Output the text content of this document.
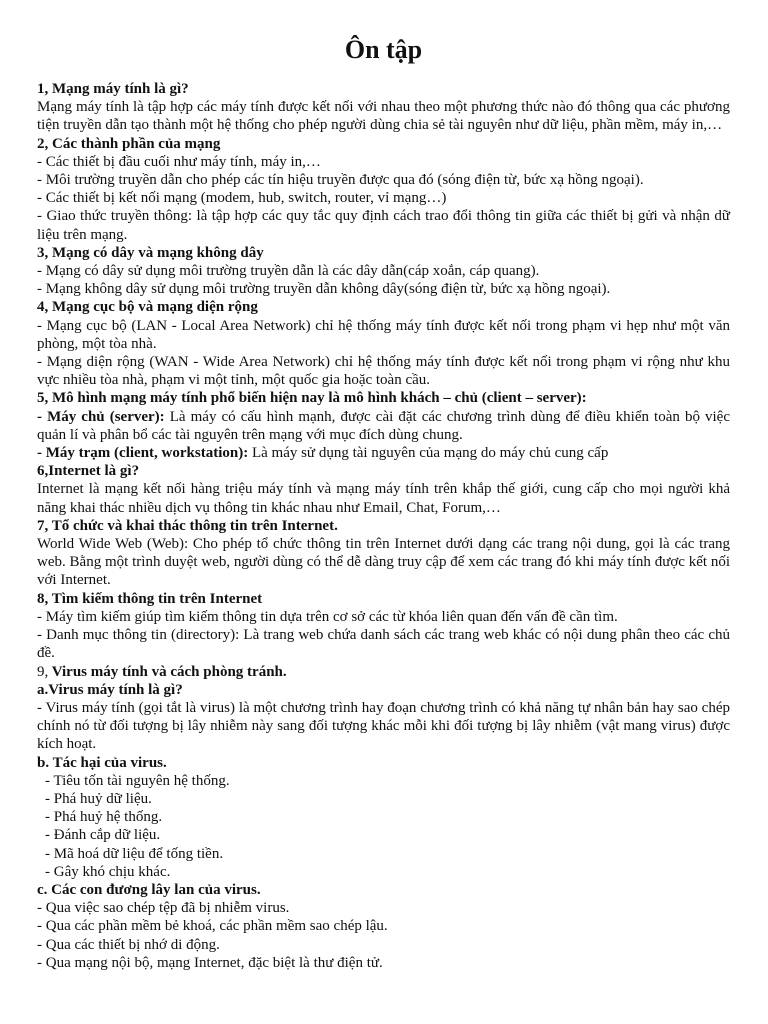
Ôn tập

1, Mạng máy tính là gì?

Mạng máy tính là tập hợp các máy tính được kết nối với nhau theo một phương thức nào đó thông qua các phương tiện truyền dẫn tạo thành một hệ thống cho phép người dùng chia sẻ tài nguyên như dữ liệu, phần mềm, máy in,…

2, Các thành phần của mạng

- Các thiết bị đầu cuối như máy tính, máy in,…

- Môi trường truyền dẫn cho phép các tín hiệu truyền được qua đó (sóng điện từ, bức xạ hồng ngoại).

- Các thiết bị kết nối mạng (modem, hub, switch, router, vỉ mạng…)

- Giao thức truyền thông: là tập hợp các quy tắc quy định cách trao đổi thông tin giữa các thiết bị gửi và nhận dữ liệu trên mạng.

3, Mạng có dây và mạng không dây

- Mạng có dây sử dụng môi trường truyền dẫn là các dây dẫn(cáp xoắn, cáp quang).

- Mạng không dây sử dụng môi trường truyền dẫn không dây(sóng điện từ, bức xạ hồng ngoại).

4, Mạng cục bộ và mạng diện rộng

- Mạng cục bộ (LAN - Local Area Network) chỉ hệ thống máy tính được kết nối trong phạm vi hẹp như một văn phòng, một tòa nhà.

- Mạng diện rộng (WAN - Wide Area Network) chỉ hệ thống máy tính được kết nối trong phạm vi rộng như khu vực nhiều tòa nhà, phạm vi một tỉnh, một quốc gia hoặc toàn cầu.

5, Mô hình mạng máy tính phổ biến hiện nay là mô hình khách – chủ (client – server):

- Máy chủ (server): Là máy có cấu hình mạnh, được cài đặt các chương trình dùng để điều khiển toàn bộ việc quản lí và phân bổ các tài nguyên trên mạng với mục đích dùng chung.

- Máy trạm (client, workstation): Là máy sử dụng tài nguyên của mạng do máy chủ cung cấp

6,Internet là gì?

Internet là mạng kết nối hàng triệu máy tính và mạng máy tính trên khắp thế giới, cung cấp cho mọi người khả năng khai thác nhiều dịch vụ thông tin khác nhau như Email, Chat, Forum,…

7, Tổ chức và khai thác thông tin trên Internet.

World Wide Web (Web): Cho phép tổ chức thông tin trên Internet dưới dạng các trang nội dung, gọi là các trang web. Bằng một trình duyệt web, người dùng có thể dễ dàng truy cập để xem các trang đó khi máy tính được kết nối với Internet.

8, Tìm kiếm thông tin trên Internet

- Máy tìm kiếm giúp tìm kiếm thông tin dựa trên cơ sở các từ khóa liên quan đến vấn đề cần tìm.

- Danh mục thông tin (directory): Là trang web chứa danh sách các trang web khác có nội dung phân theo các chủ đề.

9, Virus máy tính và cách phòng tránh.

a.Virus máy tính là gì?

- Virus máy tính (gọi tắt là virus) là một chương trình hay đoạn chương trình có khả năng tự nhân bản hay sao chép chính nó từ đối tượng bị lây nhiễm này sang đối tượng khác mỗi khi đối tượng bị lây nhiễm (vật mang virus) được kích hoạt.

b. Tác hại của virus.

- Tiêu tốn tài nguyên hệ thống.

- Phá huỷ dữ liệu.

- Phá huỷ hệ thống.

- Đánh cắp dữ liệu.

- Mã hoá dữ liệu để tống tiền.

- Gây khó chịu khác.

c. Các con đương lây lan của virus.

- Qua việc sao chép tệp đã bị nhiễm virus.

- Qua các phần mềm bẻ khoá, các phần mềm sao chép lậu.

- Qua các thiết bị nhớ di động.

- Qua mạng nội bộ, mạng Internet, đặc biệt là thư điện tử.
